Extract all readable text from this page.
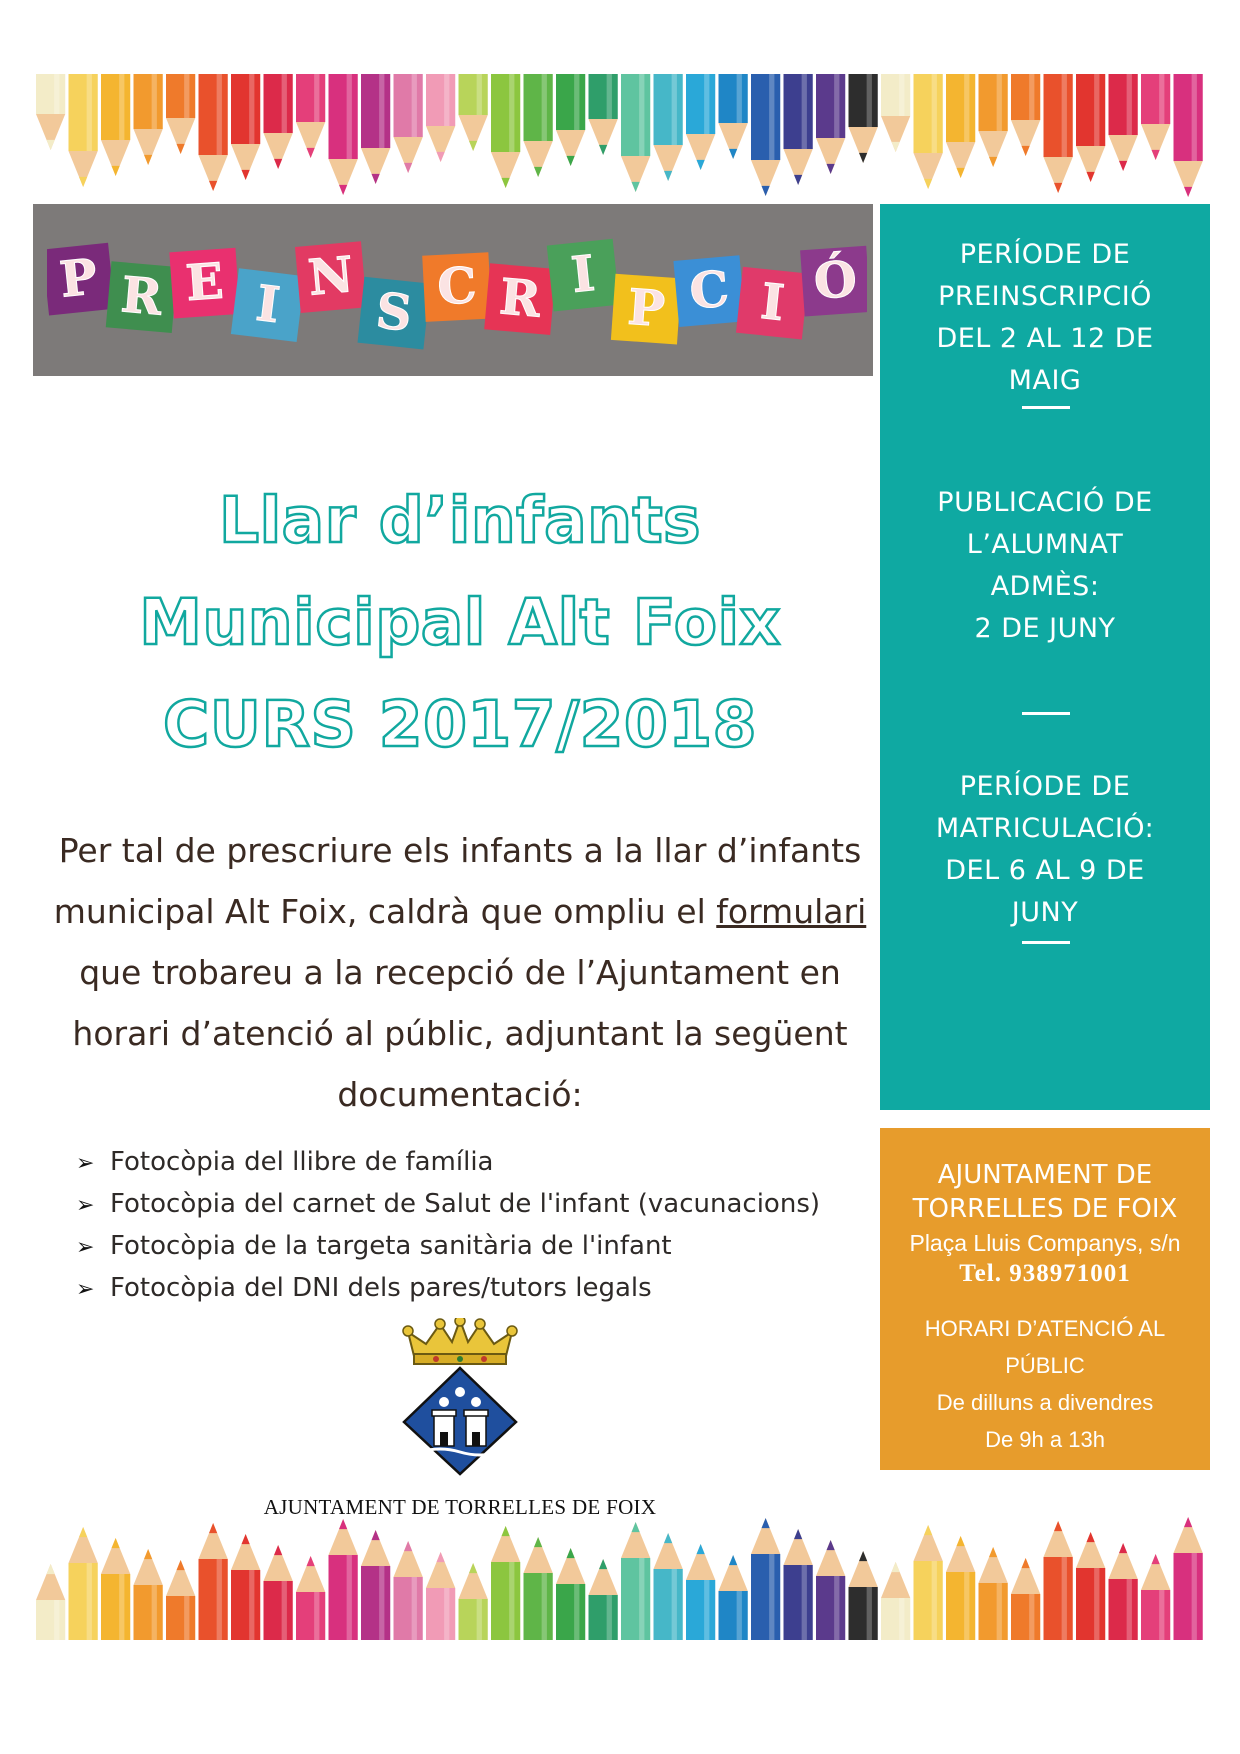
P R E I N
S C R I
P C I Ó	PERÍODE DE
PREINSCRIPCIÓ
DEL 2 AL 12 DE
MAIG
PUBLICACIÓ DE
L’ALUMNAT
ADMÈS:
2 DE JUNY
PERÍODE DE
MATRICULACIÓ:
DEL 6 AL 9 DE
JUNY
AJUNTAMENT DE
TORRELLES DE FOIX
Plaça Lluis Companys, s/n
Tel. 938971001
HORARI D’ATENCIÓ AL
PÚBLIC
De dilluns a divendres
De 9h a 13h
Llar d’infants
Municipal Alt Foix
CURS 2017/2018

Per tal de prescriure els infants a la llar d’infants municipal Alt Foix, caldrà que ompliu el formulari que trobareu a la recepció de l’Ajuntament en horari d’atenció al públic, adjuntant la següent documentació:

➢ Fotocòpia del llibre de família
➢ Fotocòpia del carnet de Salut de l'infant (vacunacions)
➢ Fotocòpia de la targeta sanitària de l'infant
➢ Fotocòpia del DNI dels pares/tutors legals
AJUNTAMENT DE TORRELLES DE FOIX
